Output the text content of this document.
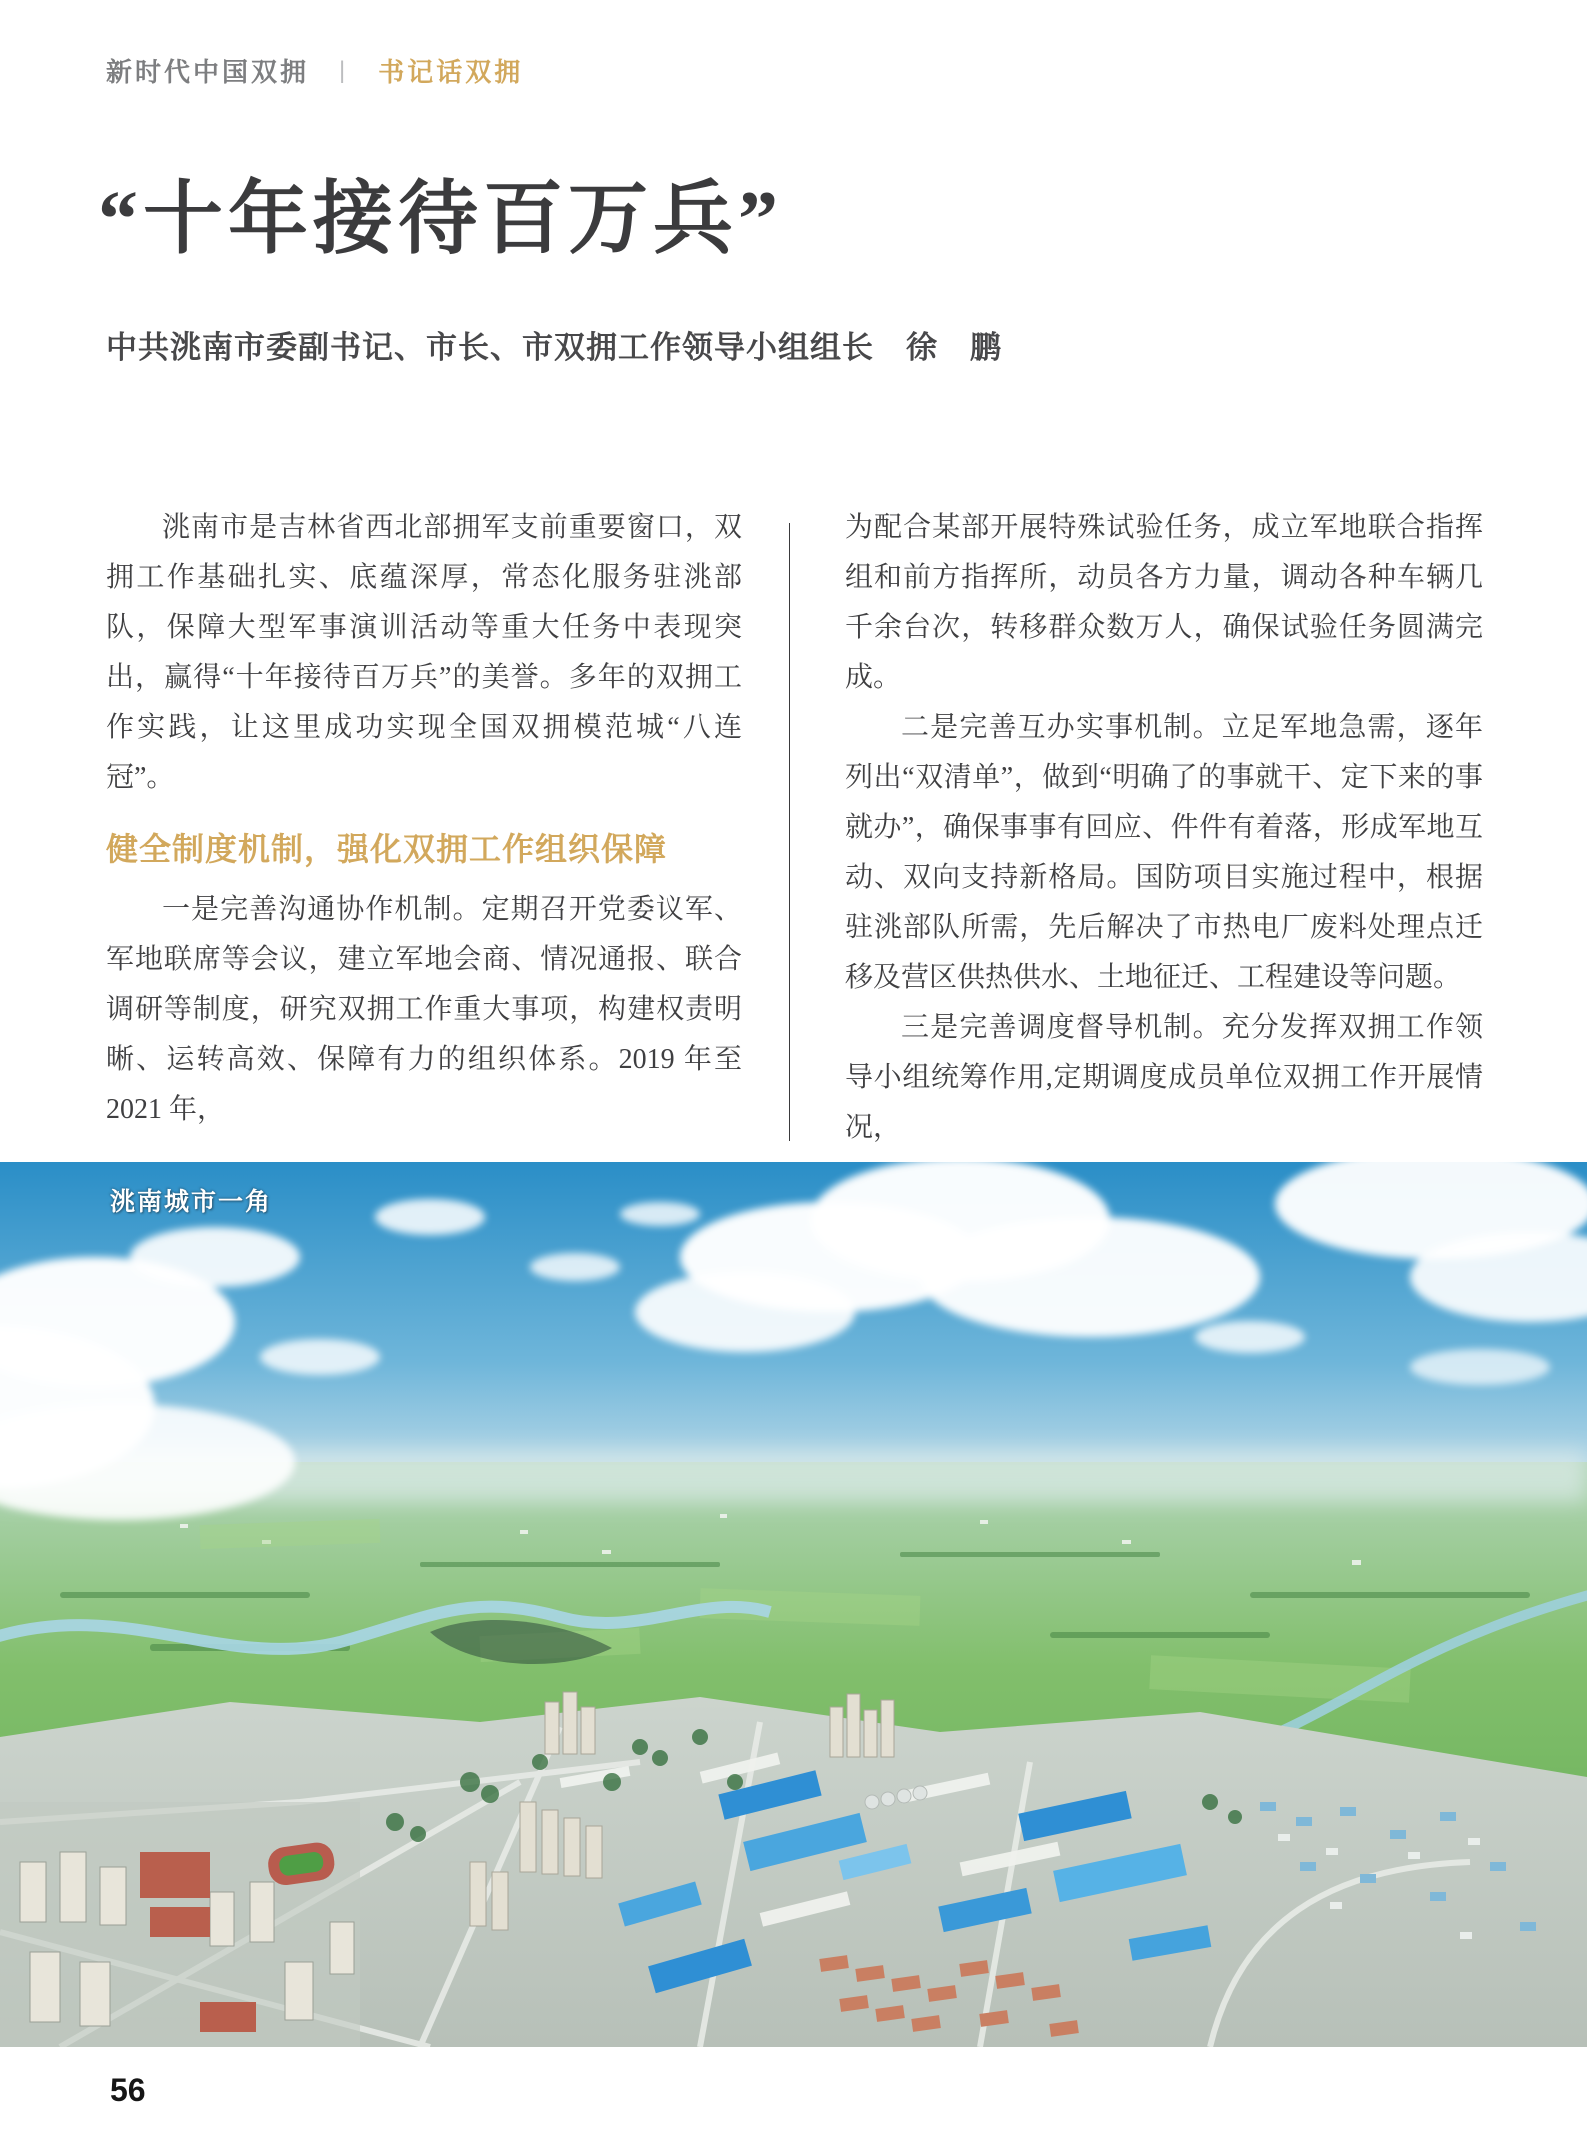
新时代中国双拥 | 书记话双拥
“十年接待百万兵”
中共洮南市委副书记、市长、市双拥工作领导小组组长　徐　鹏

洮南市是吉林省西北部拥军支前重要窗口，双拥工作基础扎实、底蕴深厚，常态化服务驻洮部队，保障大型军事演训活动等重大任务中表现突出，赢得“十年接待百万兵”的美誉。多年的双拥工作实践，让这里成功实现全国双拥模范城“八连冠”。

健全制度机制，强化双拥工作组织保障

一是完善沟通协作机制。定期召开党委议军、军地联席等会议，建立军地会商、情况通报、联合调研等制度，研究双拥工作重大事项，构建权责明晰、运转高效、保障有力的组织体系。2019 年至 2021 年，

为配合某部开展特殊试验任务，成立军地联合指挥组和前方指挥所，动员各方力量，调动各种车辆几千余台次，转移群众数万人，确保试验任务圆满完成。

二是完善互办实事机制。立足军地急需，逐年列出“双清单”，做到“明确了的事就干、定下来的事就办”，确保事事有回应、件件有着落，形成军地互动、双向支持新格局。国防项目实施过程中，根据驻洮部队所需，先后解决了市热电厂废料处理点迁移及营区供热供水、土地征迁、工程建设等问题。

三是完善调度督导机制。充分发挥双拥工作领导小组统筹作用,定期调度成员单位双拥工作开展情况，

洮南城市一角
56
